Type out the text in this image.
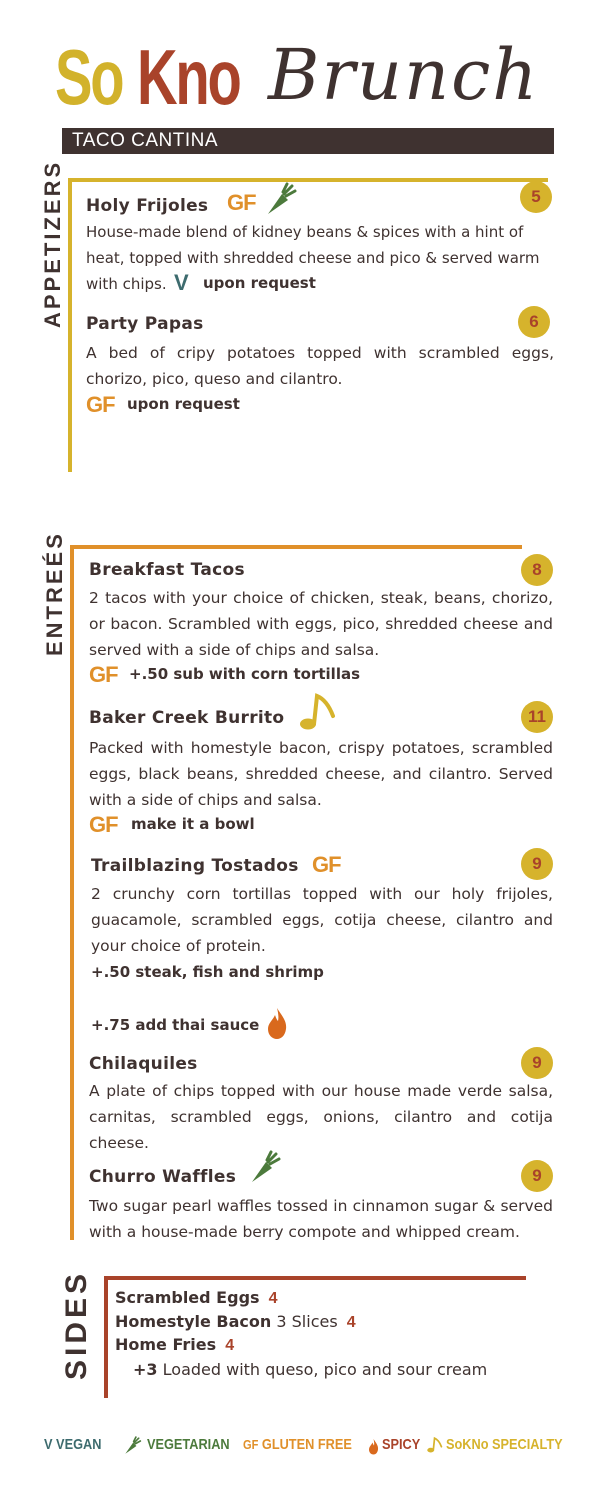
So Kno Brunch
TACO CANTINA
APPETIZERS Holy Frijoles GF	5
House-made blend of kidney beans & spices with a hint of heat, topped with shredded cheese and pico & served warm with chips. V upon request
Party Papas	6
A bed of cripy potatoes topped with scrambled eggs, chorizo, pico, queso and cilantro.
GF upon request
ENTREÉS Breakfast Tacos	8
2 tacos with your choice of chicken, steak, beans, chorizo, or bacon. Scrambled with eggs, pico, shredded cheese and served with a side of chips and salsa.
GF +.50 sub with corn tortillas
Baker Creek Burrito	11
Packed with homestyle bacon, crispy potatoes, scrambled eggs, black beans, shredded cheese, and cilantro. Served with a side of chips and salsa.
GF make it a bowl
Trailblazing Tostados GF	9
2 crunchy corn tortillas topped with our holy frijoles, guacamole, scrambled eggs, cotija cheese, cilantro and your choice of protein.
+.50 steak, fish and shrimp
+.75 add thai sauce
Chilaquiles	9
A plate of chips topped with our house made verde salsa, carnitas, scrambled eggs, onions, cilantro and cotija cheese.
Churro Waffles	9
Two sugar pearl waffles tossed in cinnamon sugar & served with a house-made berry compote and whipped cream.
SIDES Scrambled Eggs 4
Homestyle Bacon 3 Slices 4
Home Fries 4
+3 Loaded with queso, pico and sour cream
V VEGAN	VEGETARIAN GF GLUTEN FREE SPICY SoKNo SPECIALTY
